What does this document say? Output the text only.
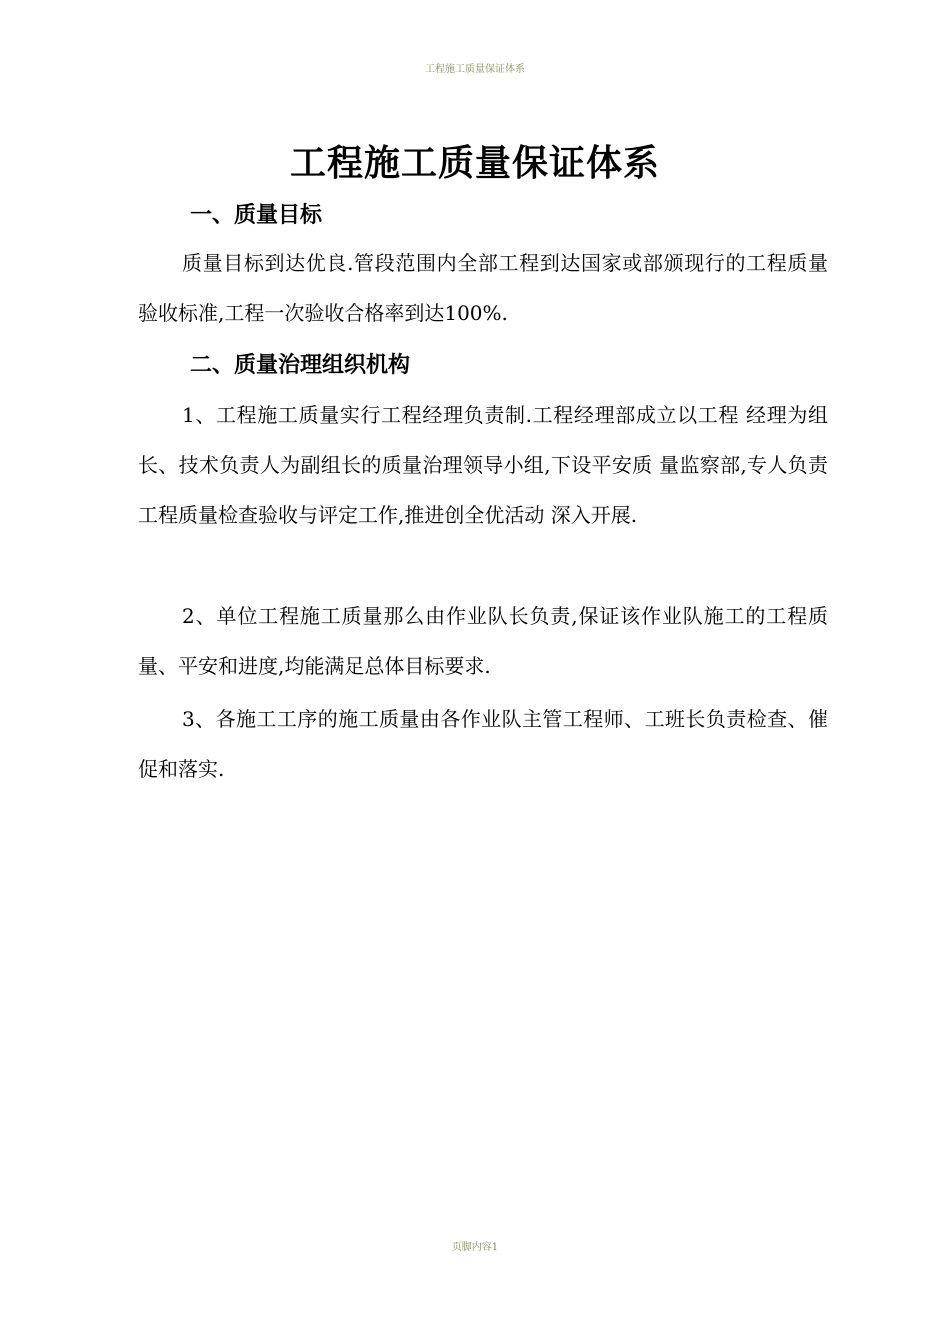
工程施工质量保证体系
工程施工质量保证体系
一、质量目标
质量目标到达优良.管段范围内全部工程到达国家或部颁现行的工程质量验收标准,工程一次验收合格率到达100%.
二、质量治理组织机构
1、工程施工质量实行工程经理负责制.工程经理部成立以工程 经理为组长、技术负责人为副组长的质量治理领导小组,下设平安质 量监察部,专人负责工程质量检查验收与评定工作,推进创全优活动 深入开展.
2、单位工程施工质量那么由作业队长负责,保证该作业队施工的工程质量、平安和进度,均能满足总体目标要求.
3、各施工工序的施工质量由各作业队主管工程师、工班长负责检查、催促和落实.
页脚内容1
